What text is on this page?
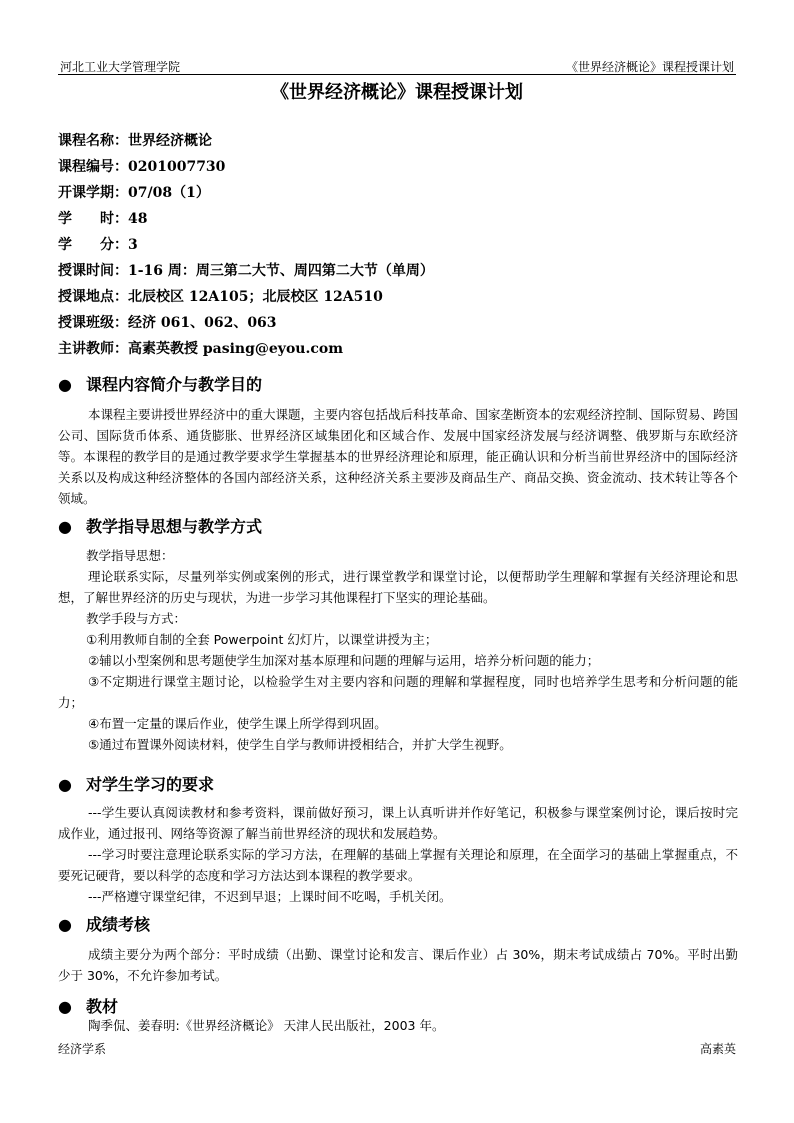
河北工业大学管理学院	《世界经济概论》课程授课计划
《世界经济概论》课程授课计划
课程名称：世界经济概论
课程编号：0201007730
开课学期：07/08（1）
学　　时：48
学　　分：3
授课时间：1-16 周：周三第二大节、周四第二大节（单周）
授课地点：北辰校区 12A105；北辰校区 12A510
授课班级：经济 061、062、063
主讲教师：高素英教授 pasing@eyou.com
● 课程内容简介与教学目的

本课程主要讲授世界经济中的重大课题，主要内容包括战后科技革命、国家垄断资本的宏观经济控制、国际贸易、跨国公司、国际货币体系、通货膨胀、世界经济区域集团化和区域合作、发展中国家经济发展与经济调整、俄罗斯与东欧经济等。本课程的教学目的是通过教学要求学生掌握基本的世界经济理论和原理，能正确认识和分析当前世界经济中的国际经济关系以及构成这种经济整体的各国内部经济关系，这种经济关系主要涉及商品生产、商品交换、资金流动、技术转让等各个领域。

● 教学指导思想与教学方式

教学指导思想：

理论联系实际，尽量列举实例或案例的形式，进行课堂教学和课堂讨论，以便帮助学生理解和掌握有关经济理论和思想，了解世界经济的历史与现状，为进一步学习其他课程打下坚实的理论基础。

教学手段与方式：

①利用教师自制的全套 Powerpoint 幻灯片，以课堂讲授为主；

②辅以小型案例和思考题使学生加深对基本原理和问题的理解与运用，培养分析问题的能力；

③不定期进行课堂主题讨论，以检验学生对主要内容和问题的理解和掌握程度，同时也培养学生思考和分析问题的能力；

④布置一定量的课后作业，使学生课上所学得到巩固。

⑤通过布置课外阅读材料，使学生自学与教师讲授相结合，并扩大学生视野。

● 对学生学习的要求

---学生要认真阅读教材和参考资料，课前做好预习，课上认真听讲并作好笔记，积极参与课堂案例讨论，课后按时完成作业，通过报刊、网络等资源了解当前世界经济的现状和发展趋势。

---学习时要注意理论联系实际的学习方法，在理解的基础上掌握有关理论和原理，在全面学习的基础上掌握重点，不要死记硬背，要以科学的态度和学习方法达到本课程的教学要求。

---严格遵守课堂纪律，不迟到早退；上课时间不吃喝，手机关闭。

● 成绩考核

成绩主要分为两个部分：平时成绩（出勤、课堂讨论和发言、课后作业）占 30%，期末考试成绩占 70%。平时出勤少于 30%，不允许参加考试。

● 教材

陶季侃、姜春明:《世界经济概论》 天津人民出版社，2003 年。

经济学系	高素英
